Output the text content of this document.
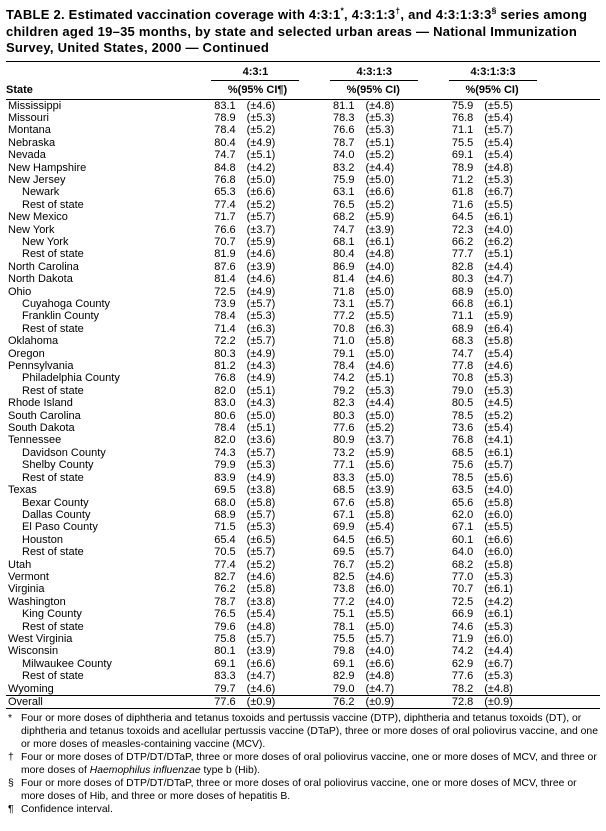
TABLE 2. Estimated vaccination coverage with 4:3:1*, 4:3:1:3†, and 4:3:1:3:3§ series among children aged 19–35 months, by state and selected urban areas — National Immunization Survey, United States, 2000 — Continued

	4:3:1		4:3:1:3		4:3:1:3:3		

State	%	(95% CI¶)	%	(95% CI)	%	(95% CI)	
Mississippi	83.1	(±4.6)	81.1	(±4.8)	75.9	(±5.5)	
Missouri	78.9	(±5.3)	78.3	(±5.3)	76.8	(±5.4)	
Montana	78.4	(±5.2)	76.6	(±5.3)	71.1	(±5.7)	
Nebraska	80.4	(±4.9)	78.7	(±5.1)	75.5	(±5.4)	
Nevada	74.7	(±5.1)	74.0	(±5.2)	69.1	(±5.4)	
New Hampshire	84.8	(±4.2)	83.2	(±4.4)	78.9	(±4.8)	
New Jersey	76.8	(±5.0)	75.9	(±5.0)	71.2	(±5.3)	
Newark	65.3	(±6.6)	63.1	(±6.6)	61.8	(±6.7)	
Rest of state	77.4	(±5.2)	76.5	(±5.2)	71.6	(±5.5)	
New Mexico	71.7	(±5.7)	68.2	(±5.9)	64.5	(±6.1)	
New York	76.6	(±3.7)	74.7	(±3.9)	72.3	(±4.0)	
New York	70.7	(±5.9)	68.1	(±6.1)	66.2	(±6.2)	
Rest of state	81.9	(±4.6)	80.4	(±4.8)	77.7	(±5.1)	
North Carolina	87.6	(±3.9)	86.9	(±4.0)	82.8	(±4.4)	
North Dakota	81.4	(±4.6)	81.4	(±4.6)	80.3	(±4.7)	
Ohio	72.5	(±4.9)	71.8	(±5.0)	68.9	(±5.0)	
Cuyahoga County	73.9	(±5.7)	73.1	(±5.7)	66.8	(±6.1)	
Franklin County	78.4	(±5.3)	77.2	(±5.5)	71.1	(±5.9)	
Rest of state	71.4	(±6.3)	70.8	(±6.3)	68.9	(±6.4)	
Oklahoma	72.2	(±5.7)	71.0	(±5.8)	68.3	(±5.8)	
Oregon	80.3	(±4.9)	79.1	(±5.0)	74.7	(±5.4)	
Pennsylvania	81.2	(±4.3)	78.4	(±4.6)	77.8	(±4.6)	
Philadelphia County	76.8	(±4.9)	74.2	(±5.1)	70.8	(±5.3)	
Rest of state	82.0	(±5.1)	79.2	(±5.3)	79.0	(±5.3)	
Rhode Island	83.0	(±4.3)	82.3	(±4.4)	80.5	(±4.5)	
South Carolina	80.6	(±5.0)	80.3	(±5.0)	78.5	(±5.2)	
South Dakota	78.4	(±5.1)	77.6	(±5.2)	73.6	(±5.4)	
Tennessee	82.0	(±3.6)	80.9	(±3.7)	76.8	(±4.1)	
Davidson County	74.3	(±5.7)	73.2	(±5.9)	68.5	(±6.1)	
Shelby County	79.9	(±5.3)	77.1	(±5.6)	75.6	(±5.7)	
Rest of state	83.9	(±4.9)	83.3	(±5.0)	78.5	(±5.6)	
Texas	69.5	(±3.8)	68.5	(±3.9)	63.5	(±4.0)	
Bexar County	68.0	(±5.8)	67.6	(±5.8)	65.6	(±5.8)	
Dallas County	68.9	(±5.7)	67.1	(±5.8)	62.0	(±6.0)	
El Paso County	71.5	(±5.3)	69.9	(±5.4)	67.1	(±5.5)	
Houston	65.4	(±6.5)	64.5	(±6.5)	60.1	(±6.6)	
Rest of state	70.5	(±5.7)	69.5	(±5.7)	64.0	(±6.0)	
Utah	77.4	(±5.2)	76.7	(±5.2)	68.2	(±5.8)	
Vermont	82.7	(±4.6)	82.5	(±4.6)	77.0	(±5.3)	
Virginia	76.2	(±5.8)	73.8	(±6.0)	70.7	(±6.1)	
Washington	78.7	(±3.8)	77.2	(±4.0)	72.5	(±4.2)	
King County	76.5	(±5.4)	75.1	(±5.5)	66.9	(±6.1)	
Rest of state	79.6	(±4.8)	78.1	(±5.0)	74.6	(±5.3)	
West Virginia	75.8	(±5.7)	75.5	(±5.7)	71.9	(±6.0)	
Wisconsin	80.1	(±3.9)	79.8	(±4.0)	74.2	(±4.4)	
Milwaukee County	69.1	(±6.6)	69.1	(±6.6)	62.9	(±6.7)	
Rest of state	83.3	(±4.7)	82.9	(±4.8)	77.6	(±5.3)	
Wyoming	79.7	(±4.6)	79.0	(±4.7)	78.2	(±4.8)	
Overall	77.6	(±0.9)	76.2	(±0.9)	72.8	(±0.9)	
* Four or more doses of diphtheria and tetanus toxoids and pertussis vaccine (DTP), diphtheria and tetanus toxoids (DT), or diphtheria and tetanus toxoids and acellular pertussis vaccine (DTaP), three or more doses of oral poliovirus vaccine, and one or more doses of measles-containing vaccine (MCV).
† Four or more doses of DTP/DT/DTaP, three or more doses of oral poliovirus vaccine, one or more doses of MCV, and three or more doses of Haemophilus influenzae type b (Hib).
§ Four or more doses of DTP/DT/DTaP, three or more doses of oral poliovirus vaccine, one or more doses of MCV, three or more doses of Hib, and three or more doses of hepatitis B.
¶ Confidence interval.
